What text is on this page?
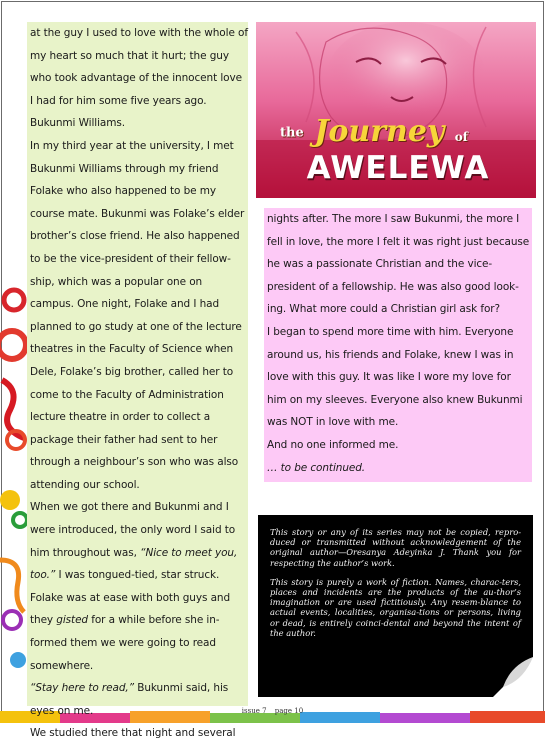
at the guy I used to love with the whole of my heart so much that it hurt; the guy who took advantage of the innocent love I had for him some five years ago.

Bukunmi Williams.

In my third year at the university, I met Bukunmi Williams through my friend Folake who also happened to be my course mate. Bukunmi was Folake’s elder brother’s close friend. He also happened to be the vice-president of their fellow-ship, which was a popular one on campus. One night, Folake and I had planned to go study at one of the lecture theatres in the Faculty of Science when Dele, Folake’s big brother, called her to come to the Faculty of Administration lecture theatre in order to collect a package their father had sent to her through a neighbour’s son who was also attending our school.

When we got there and Bukunmi and I were introduced, the only word I said to him throughout was, “Nice to meet you, too.” I was tongued-tied, star struck. Folake was at ease with both guys and they gisted for a while before she in-formed them we were going to read somewhere.

“Stay here to read,” Bukunmi said, his eyes on me.

We studied there that night and several

the Journey of
AWELEWA

nights after. The more I saw Bukunmi, the more I fell in love, the more I felt it was right just because he was a passionate Christian and the vice-president of a fellowship. He was also good look-ing. What more could a Christian girl ask for?

I began to spend more time with him. Everyone around us, his friends and Folake, knew I was in love with this guy. It was like I wore my love for him on my sleeves. Everyone also knew Bukunmi was NOT in love with me.

And no one informed me.

… to be continued.

This story or any of its series may not be copied, repro-duced or transmitted without acknowledgement of the original author—Oresanya Adeyinka J. Thank you for respecting the author’s work.

This story is purely a work of fiction. Names, charac-ters, places and incidents are the products of the au-thor’s imagination or are used fictitiously. Any resem-blance to actual events, localities, organisa-tions or persons, living or dead, is entirely coinci-dental and beyond the intent of the author.

issue 7 page 10
